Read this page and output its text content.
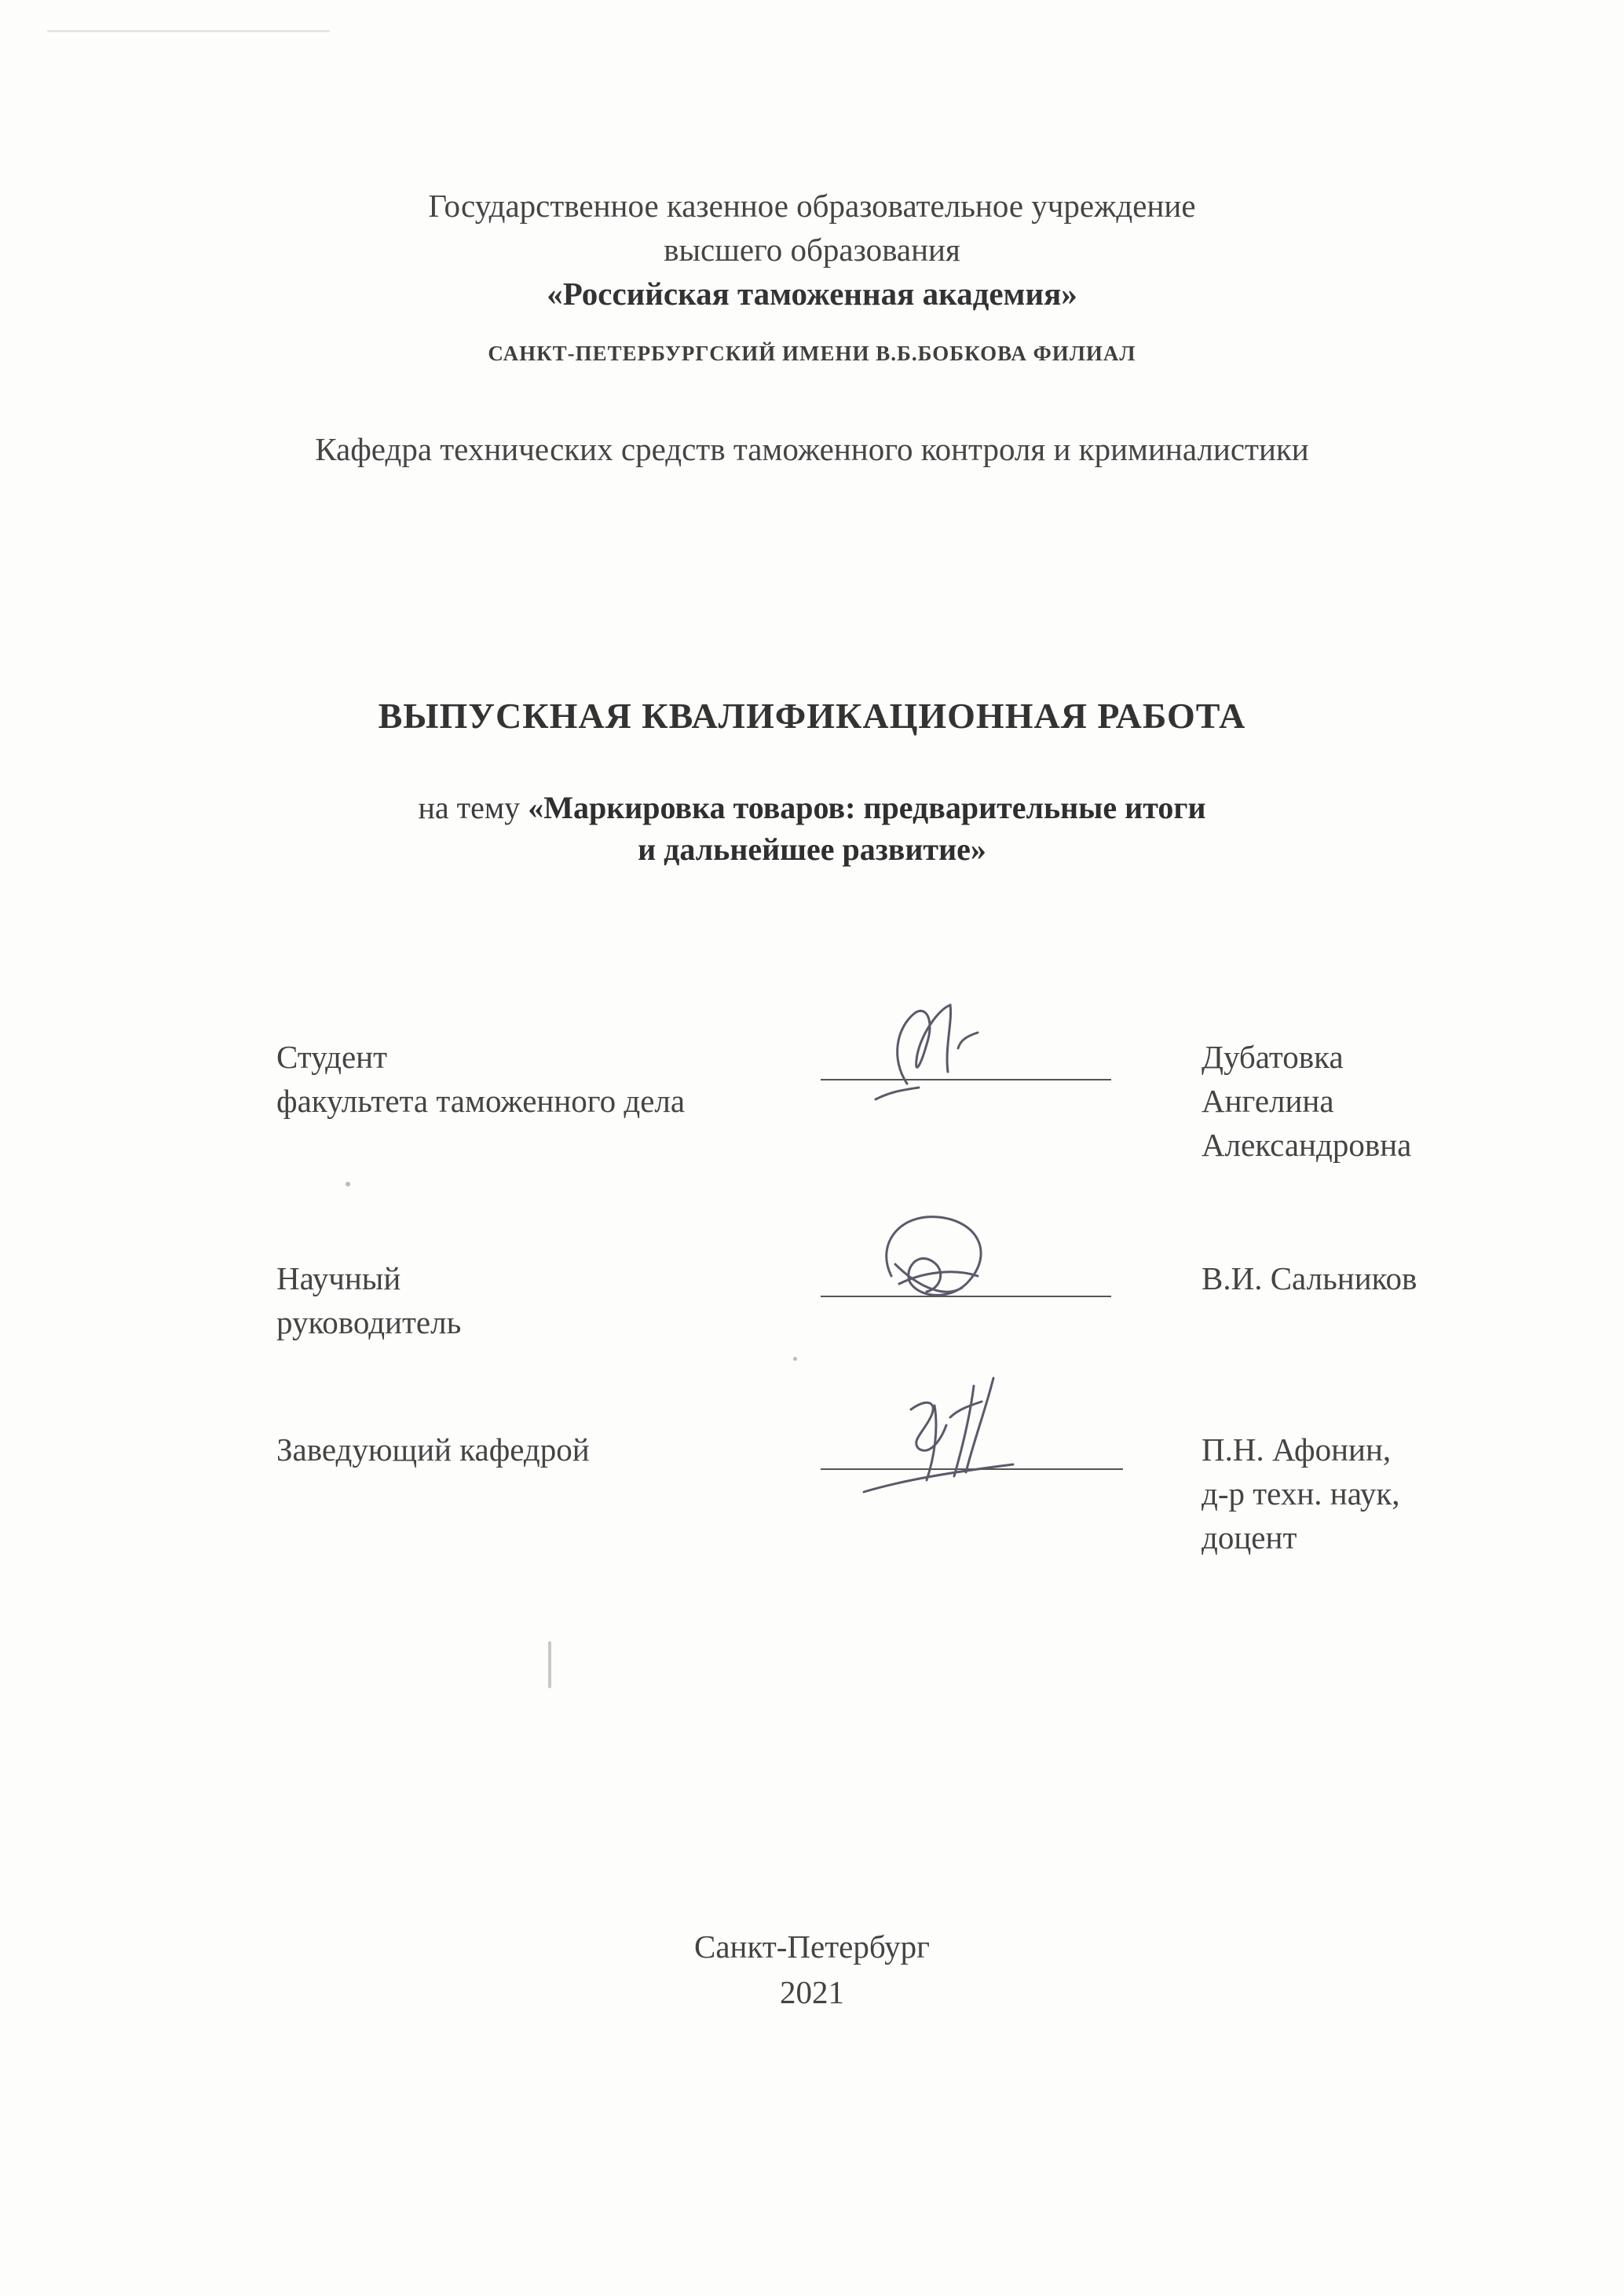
Государственное казенное образовательное учреждение
высшего образования
«Российская таможенная академия»
САНКТ-ПЕТЕРБУРГСКИЙ ИМЕНИ В.Б.БОБКОВА ФИЛИАЛ
Кафедра технических средств таможенного контроля и криминалистики
ВЫПУСКНАЯ КВАЛИФИКАЦИОННАЯ РАБОТА
на тему «Маркировка товаров: предварительные итоги
и дальнейшее развитие»
Студент
факультета таможенного дела
Дубатовка
Ангелина
Александровна
Научный
руководитель
В.И. Сальников
Заведующий кафедрой	П.Н. Афонин,
д-р техн. наук,
доцент
Санкт-Петербург
2021
